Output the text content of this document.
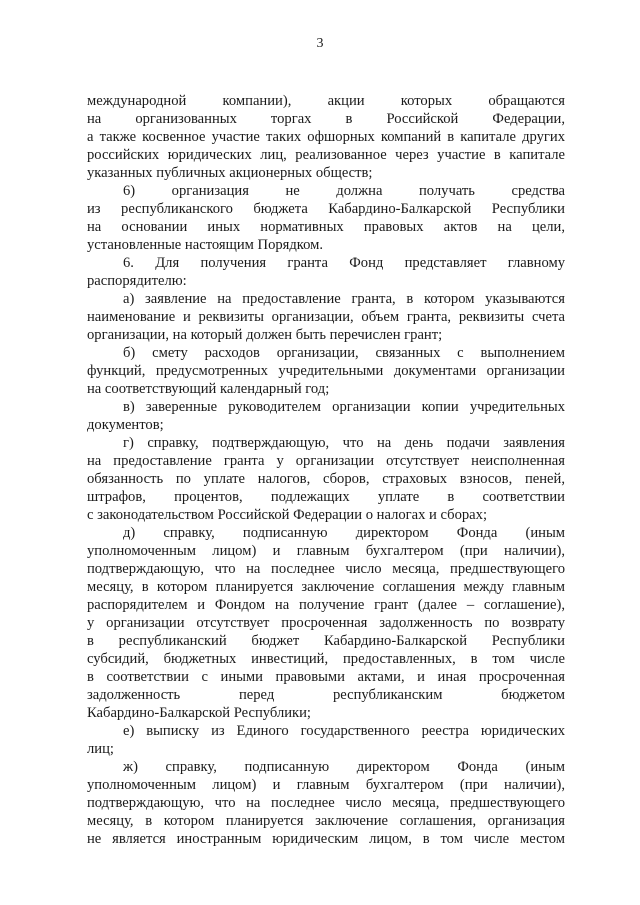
3
международной компании), акции которых обращаются
на организованных торгах в Российской Федерации,
а также косвенное участие таких офшорных компаний в капитале других
российских юридических лиц, реализованное через участие в капитале
указанных публичных акционерных обществ;
6) организация не должна получать средства
из республиканского бюджета Кабардино-Балкарской Республики
на основании иных нормативных правовых актов на цели,
установленные настоящим Порядком.
6. Для получения гранта Фонд представляет главному
распорядителю:
а) заявление на предоставление гранта, в котором указываются
наименование и реквизиты организации, объем гранта, реквизиты счета
организации, на который должен быть перечислен грант;
б) смету расходов организации, связанных с выполнением
функций, предусмотренных учредительными документами организации
на соответствующий календарный год;
в) заверенные руководителем организации копии учредительных
документов;
г) справку, подтверждающую, что на день подачи заявления
на предоставление гранта у организации отсутствует неисполненная
обязанность по уплате налогов, сборов, страховых взносов, пеней,
штрафов, процентов, подлежащих уплате в соответствии
с законодательством Российской Федерации о налогах и сборах;
д) справку, подписанную директором Фонда (иным
уполномоченным лицом) и главным бухгалтером (при наличии),
подтверждающую, что на последнее число месяца, предшествующего
месяцу, в котором планируется заключение соглашения между главным
распорядителем и Фондом на получение грант (далее – соглашение),
у организации отсутствует просроченная задолженность по возврату
в республиканский бюджет Кабардино-Балкарской Республики
субсидий, бюджетных инвестиций, предоставленных, в том числе
в соответствии с иными правовыми актами, и иная просроченная
задолженность перед республиканским бюджетом
Кабардино-Балкарской Республики;
е) выписку из Единого государственного реестра юридических
лиц;
ж) справку, подписанную директором Фонда (иным
уполномоченным лицом) и главным бухгалтером (при наличии),
подтверждающую, что на последнее число месяца, предшествующего
месяцу, в котором планируется заключение соглашения, организация
не является иностранным юридическим лицом, в том числе местом
